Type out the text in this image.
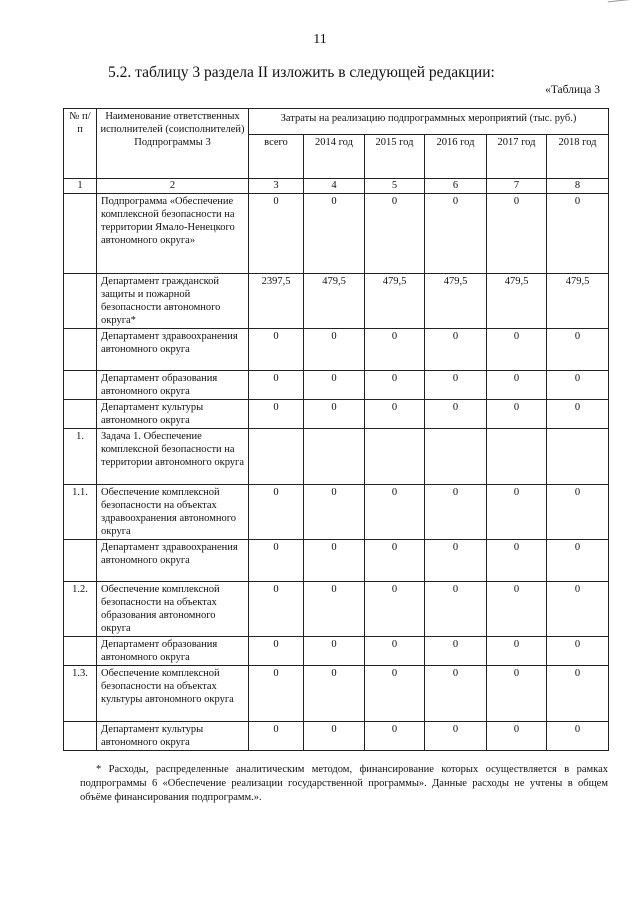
11
5.2. таблицу 3 раздела II изложить в следующей редакции:
«Таблица 3
№ п/п	Наименование ответственных исполнителей (соисполнителей) Подпрограммы 3	Затраты на реализацию подпрограммных мероприятий (тыс. руб.)					
		всего	2014 год	2015 год	2016 год	2017 год	2018 год
1	2	3	4	5	6	7	8
	Подпрограмма «Обеспечение комплексной безопасности на территории Ямало-Ненецкого автономного округа»	0	0	0	0	0	0
	Департамент гражданской защиты и пожарной безопасности автономного округа*	2397,5	479,5	479,5	479,5	479,5	479,5
	Департамент здравоохранения автономного округа	0	0	0	0	0	0
	Департамент образования автономного округа	0	0	0	0	0	0
	Департамент культуры автономного округа	0	0	0	0	0	0
1.	Задача 1. Обеспечение комплексной безопасности на территории автономного округа						
1.1.	Обеспечение комплексной безопасности на объектах здравоохранения автономного округа	0	0	0	0	0	0
	Департамент здравоохранения автономного округа	0	0	0	0	0	0
1.2.	Обеспечение комплексной безопасности на объектах образования автономного округа	0	0	0	0	0	0
	Департамент образования автономного округа	0	0	0	0	0	0
1.3.	Обеспечение комплексной безопасности на объектах культуры автономного округа	0	0	0	0	0	0
	Департамент культуры автономного округа	0	0	0	0	0	0
* Расходы, распределенные аналитическим методом, финансирование которых осуществляется в рамках подпрограммы 6 «Обеспечение реализации государственной программы». Данные расходы не учтены в общем объёме финансирования подпрограмм.».
